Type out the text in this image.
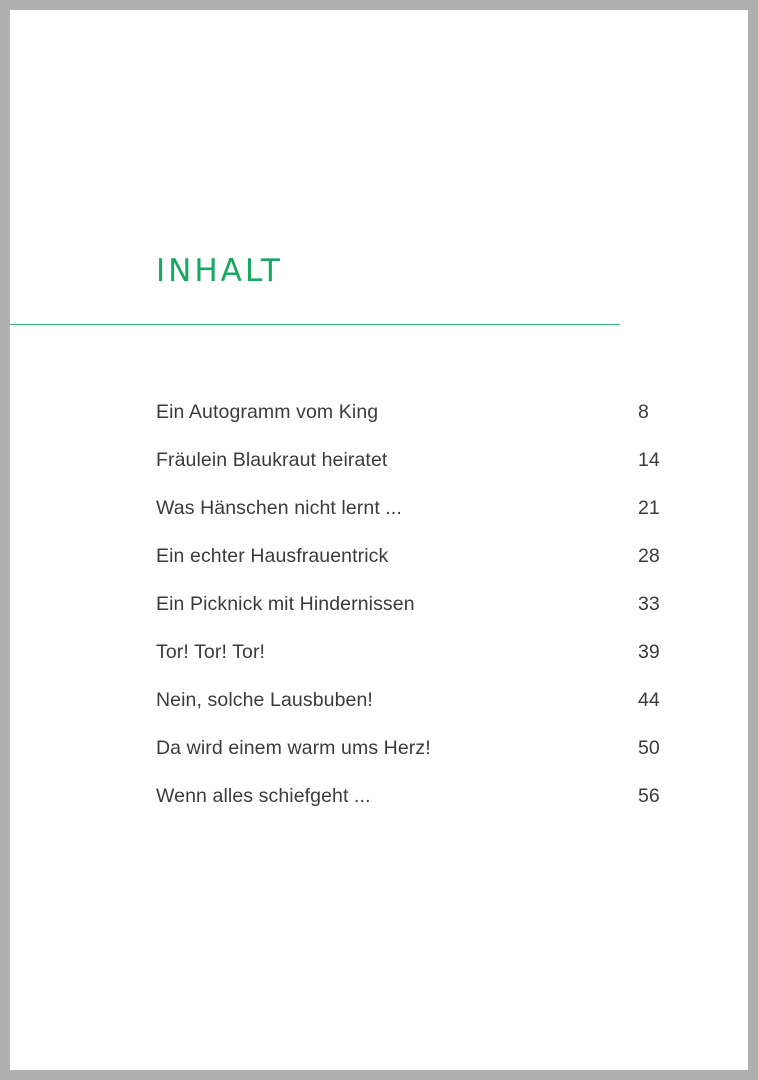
INHALT
Ein Autogramm vom King	8
Fräulein Blaukraut heiratet	14
Was Hänschen nicht lernt ...	21
Ein echter Hausfrauentrick	28
Ein Picknick mit Hindernissen	33
Tor! Tor! Tor!	39
Nein, solche Lausbuben!	44
Da wird einem warm ums Herz!	50
Wenn alles schiefgeht ...	56
